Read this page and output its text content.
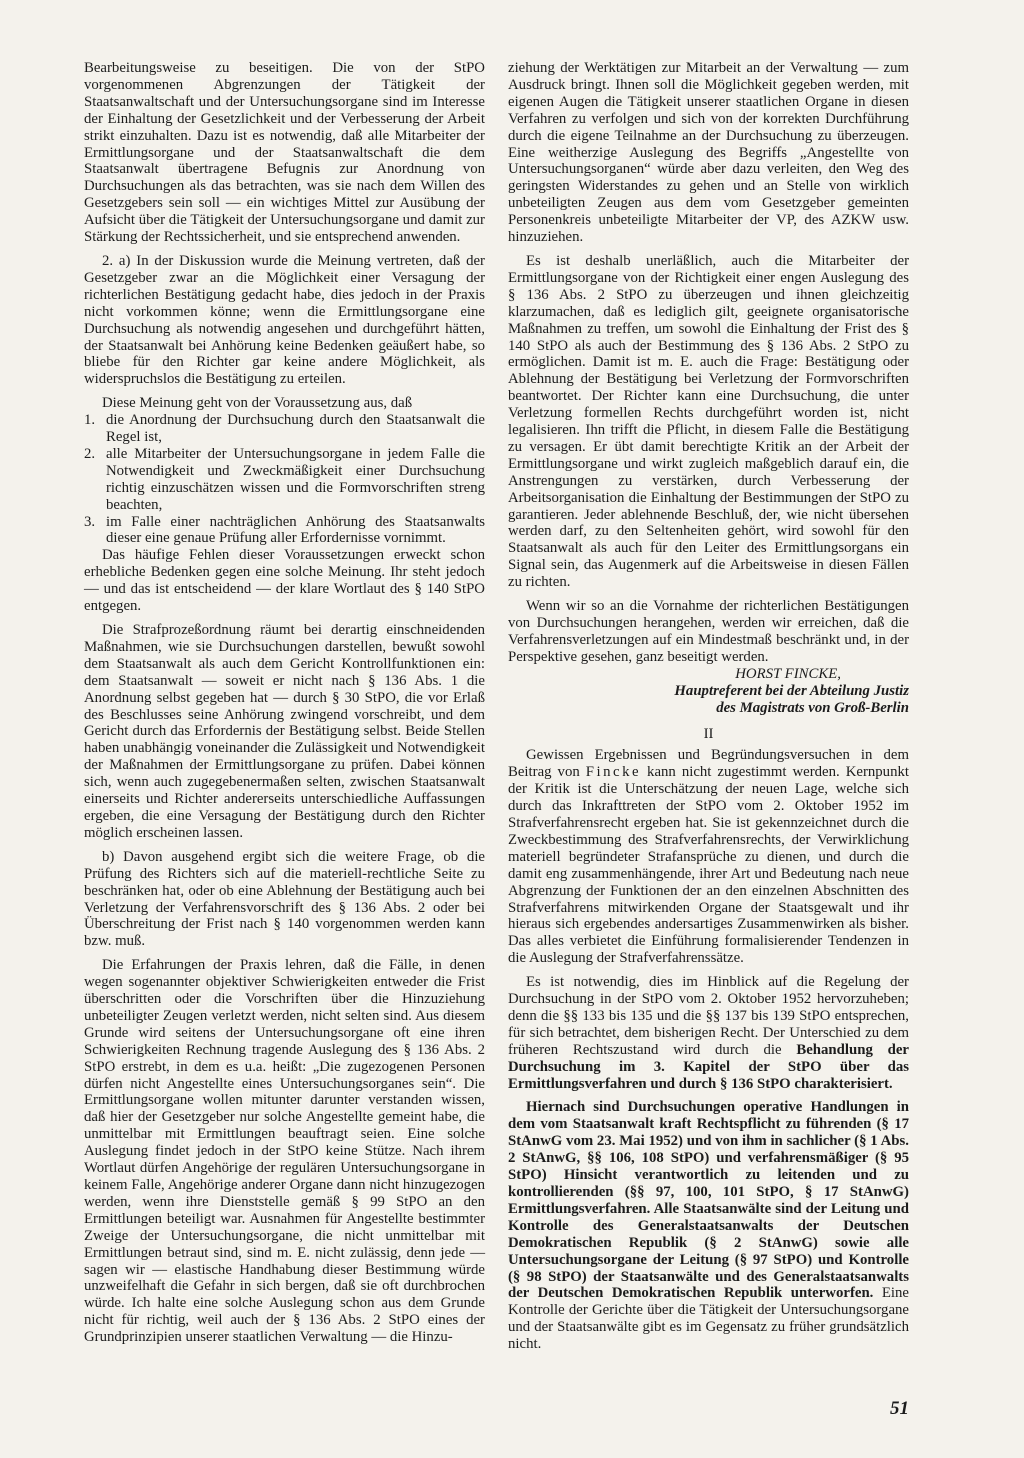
Bearbeitungsweise zu beseitigen. Die von der StPO vorgenommenen Abgrenzungen der Tätigkeit der Staatsanwaltschaft und der Untersuchungsorgane sind im Interesse der Einhaltung der Gesetzlichkeit und der Verbesserung der Arbeit strikt einzuhalten. Dazu ist es notwendig, daß alle Mitarbeiter der Ermittlungsorgane und der Staatsanwaltschaft die dem Staatsanwalt übertragene Befugnis zur Anordnung von Durchsuchungen als das betrachten, was sie nach dem Willen des Gesetzgebers sein soll — ein wichtiges Mittel zur Ausübung der Aufsicht über die Tätigkeit der Untersuchungsorgane und damit zur Stärkung der Rechtssicherheit, und sie entsprechend anwenden.

2. a) In der Diskussion wurde die Meinung vertreten, daß der Gesetzgeber zwar an die Möglichkeit einer Versagung der richterlichen Bestätigung gedacht habe, dies jedoch in der Praxis nicht vorkommen könne; wenn die Ermittlungsorgane eine Durchsuchung als notwendig angesehen und durchgeführt hätten, der Staatsanwalt bei Anhörung keine Bedenken geäußert habe, so bliebe für den Richter gar keine andere Möglichkeit, als widerspruchslos die Bestätigung zu erteilen.

Diese Meinung geht von der Voraussetzung aus, daß

1. die Anordnung der Durchsuchung durch den Staatsanwalt die Regel ist,
2. alle Mitarbeiter der Untersuchungsorgane in jedem Falle die Notwendigkeit und Zweckmäßigkeit einer Durchsuchung richtig einzuschätzen wissen und die Formvorschriften streng beachten,
3. im Falle einer nachträglichen Anhörung des Staatsanwalts dieser eine genaue Prüfung aller Erfordernisse vornimmt.

Das häufige Fehlen dieser Voraussetzungen erweckt schon erhebliche Bedenken gegen eine solche Meinung. Ihr steht jedoch — und das ist entscheidend — der klare Wortlaut des § 140 StPO entgegen.

Die Strafprozeßordnung räumt bei derartig einschneidenden Maßnahmen, wie sie Durchsuchungen darstellen, bewußt sowohl dem Staatsanwalt als auch dem Gericht Kontrollfunktionen ein: dem Staatsanwalt — soweit er nicht nach § 136 Abs. 1 die Anordnung selbst gegeben hat — durch § 30 StPO, die vor Erlaß des Beschlusses seine Anhörung zwingend vorschreibt, und dem Gericht durch das Erfordernis der Bestätigung selbst. Beide Stellen haben unabhängig voneinander die Zulässigkeit und Notwendigkeit der Maßnahmen der Ermittlungsorgane zu prüfen. Dabei können sich, wenn auch zugegebenermaßen selten, zwischen Staatsanwalt einerseits und Richter andererseits unterschiedliche Auffassungen ergeben, die eine Versagung der Bestätigung durch den Richter möglich erscheinen lassen.

b) Davon ausgehend ergibt sich die weitere Frage, ob die Prüfung des Richters sich auf die materiell-rechtliche Seite zu beschränken hat, oder ob eine Ablehnung der Bestätigung auch bei Verletzung der Verfahrensvorschrift des § 136 Abs. 2 oder bei Überschreitung der Frist nach § 140 vorgenommen werden kann bzw. muß.

Die Erfahrungen der Praxis lehren, daß die Fälle, in denen wegen sogenannter objektiver Schwierigkeiten entweder die Frist überschritten oder die Vorschriften über die Hinzuziehung unbeteiligter Zeugen verletzt werden, nicht selten sind. Aus diesem Grunde wird seitens der Untersuchungsorgane oft eine ihren Schwierigkeiten Rechnung tragende Auslegung des § 136 Abs. 2 StPO erstrebt, in dem es u.a. heißt: „Die zugezogenen Personen dürfen nicht Angestellte eines Untersuchungsorganes sein“. Die Ermittlungsorgane wollen mitunter darunter verstanden wissen, daß hier der Gesetzgeber nur solche Angestellte gemeint habe, die unmittelbar mit Ermittlungen beauftragt seien. Eine solche Auslegung findet jedoch in der StPO keine Stütze. Nach ihrem Wortlaut dürfen Angehörige der regulären Untersuchungsorgane in keinem Falle, Angehörige anderer Organe dann nicht hinzugezogen werden, wenn ihre Dienststelle gemäß § 99 StPO an den Ermittlungen beteiligt war. Ausnahmen für Angestellte bestimmter Zweige der Untersuchungsorgane, die nicht unmittelbar mit Ermittlungen betraut sind, sind m. E. nicht zulässig, denn jede — sagen wir — elastische Handhabung dieser Bestimmung würde unzweifelhaft die Gefahr in sich bergen, daß sie oft durchbrochen würde. Ich halte eine solche Auslegung schon aus dem Grunde nicht für richtig, weil auch der § 136 Abs. 2 StPO eines der Grundprinzipien unserer staatlichen Verwaltung — die Hinzu-

ziehung der Werktätigen zur Mitarbeit an der Verwaltung — zum Ausdruck bringt. Ihnen soll die Möglichkeit gegeben werden, mit eigenen Augen die Tätigkeit unserer staatlichen Organe in diesen Verfahren zu verfolgen und sich von der korrekten Durchführung durch die eigene Teilnahme an der Durchsuchung zu überzeugen. Eine weitherzige Auslegung des Begriffs „Angestellte von Untersuchungsorganen“ würde aber dazu verleiten, den Weg des geringsten Widerstandes zu gehen und an Stelle von wirklich unbeteiligten Zeugen aus dem vom Gesetzgeber gemeinten Personenkreis unbeteiligte Mitarbeiter der VP, des AZKW usw. hinzuziehen.

Es ist deshalb unerläßlich, auch die Mitarbeiter der Ermittlungsorgane von der Richtigkeit einer engen Auslegung des § 136 Abs. 2 StPO zu überzeugen und ihnen gleichzeitig klarzumachen, daß es lediglich gilt, geeignete organisatorische Maßnahmen zu treffen, um sowohl die Einhaltung der Frist des § 140 StPO als auch der Bestimmung des § 136 Abs. 2 StPO zu ermöglichen. Damit ist m. E. auch die Frage: Bestätigung oder Ablehnung der Bestätigung bei Verletzung der Formvorschriften beantwortet. Der Richter kann eine Durchsuchung, die unter Verletzung formellen Rechts durchgeführt worden ist, nicht legalisieren. Ihn trifft die Pflicht, in diesem Falle die Bestätigung zu versagen. Er übt damit berechtigte Kritik an der Arbeit der Ermittlungsorgane und wirkt zugleich maßgeblich darauf ein, die Anstrengungen zu verstärken, durch Verbesserung der Arbeitsorganisation die Einhaltung der Bestimmungen der StPO zu garantieren. Jeder ablehnende Beschluß, der, wie nicht übersehen werden darf, zu den Seltenheiten gehört, wird sowohl für den Staatsanwalt als auch für den Leiter des Ermittlungsorgans ein Signal sein, das Augenmerk auf die Arbeitsweise in diesen Fällen zu richten.

Wenn wir so an die Vornahme der richterlichen Bestätigungen von Durchsuchungen herangehen, werden wir erreichen, daß die Verfahrensverletzungen auf ein Mindestmaß beschränkt und, in der Perspektive gesehen, ganz beseitigt werden.

HORST FINCKE,
Hauptreferent bei der Abteilung Justiz
des Magistrats von Groß-Berlin
II

Gewissen Ergebnissen und Begründungsversuchen in dem Beitrag von Fincke kann nicht zugestimmt werden. Kernpunkt der Kritik ist die Unterschätzung der neuen Lage, welche sich durch das Inkrafttreten der StPO vom 2. Oktober 1952 im Strafverfahrensrecht ergeben hat. Sie ist gekennzeichnet durch die Zweckbestimmung des Strafverfahrensrechts, der Verwirklichung materiell begründeter Strafansprüche zu dienen, und durch die damit eng zusammenhängende, ihrer Art und Bedeutung nach neue Abgrenzung der Funktionen der an den einzelnen Abschnitten des Strafverfahrens mitwirkenden Organe der Staatsgewalt und ihr hieraus sich ergebendes andersartiges Zusammenwirken als bisher. Das alles verbietet die Einführung formalisierender Tendenzen in die Auslegung der Strafverfahrenssätze.

Es ist notwendig, dies im Hinblick auf die Regelung der Durchsuchung in der StPO vom 2. Oktober 1952 hervorzuheben; denn die §§ 133 bis 135 und die §§ 137 bis 139 StPO entsprechen, für sich betrachtet, dem bisherigen Recht. Der Unterschied zu dem früheren Rechtszustand wird durch die Behandlung der Durchsuchung im 3. Kapitel der StPO über das Ermittlungsverfahren und durch § 136 StPO charakterisiert.

Hiernach sind Durchsuchungen operative Handlungen in dem vom Staatsanwalt kraft Rechtspflicht zu führenden (§ 17 StAnwG vom 23. Mai 1952) und von ihm in sachlicher (§ 1 Abs. 2 StAnwG, §§ 106, 108 StPO) und verfahrensmäßiger (§ 95 StPO) Hinsicht verantwortlich zu leitenden und zu kontrollierenden (§§ 97, 100, 101 StPO, § 17 StAnwG) Ermittlungsverfahren. Alle Staatsanwälte sind der Leitung und Kontrolle des Generalstaatsanwalts der Deutschen Demokratischen Republik (§ 2 StAnwG) sowie alle Untersuchungsorgane der Leitung (§ 97 StPO) und Kontrolle (§ 98 StPO) der Staatsanwälte und des Generalstaatsanwalts der Deutschen Demokratischen Republik unterworfen. Eine Kontrolle der Gerichte über die Tätigkeit der Untersuchungsorgane und der Staatsanwälte gibt es im Gegensatz zu früher grundsätzlich nicht.

51
